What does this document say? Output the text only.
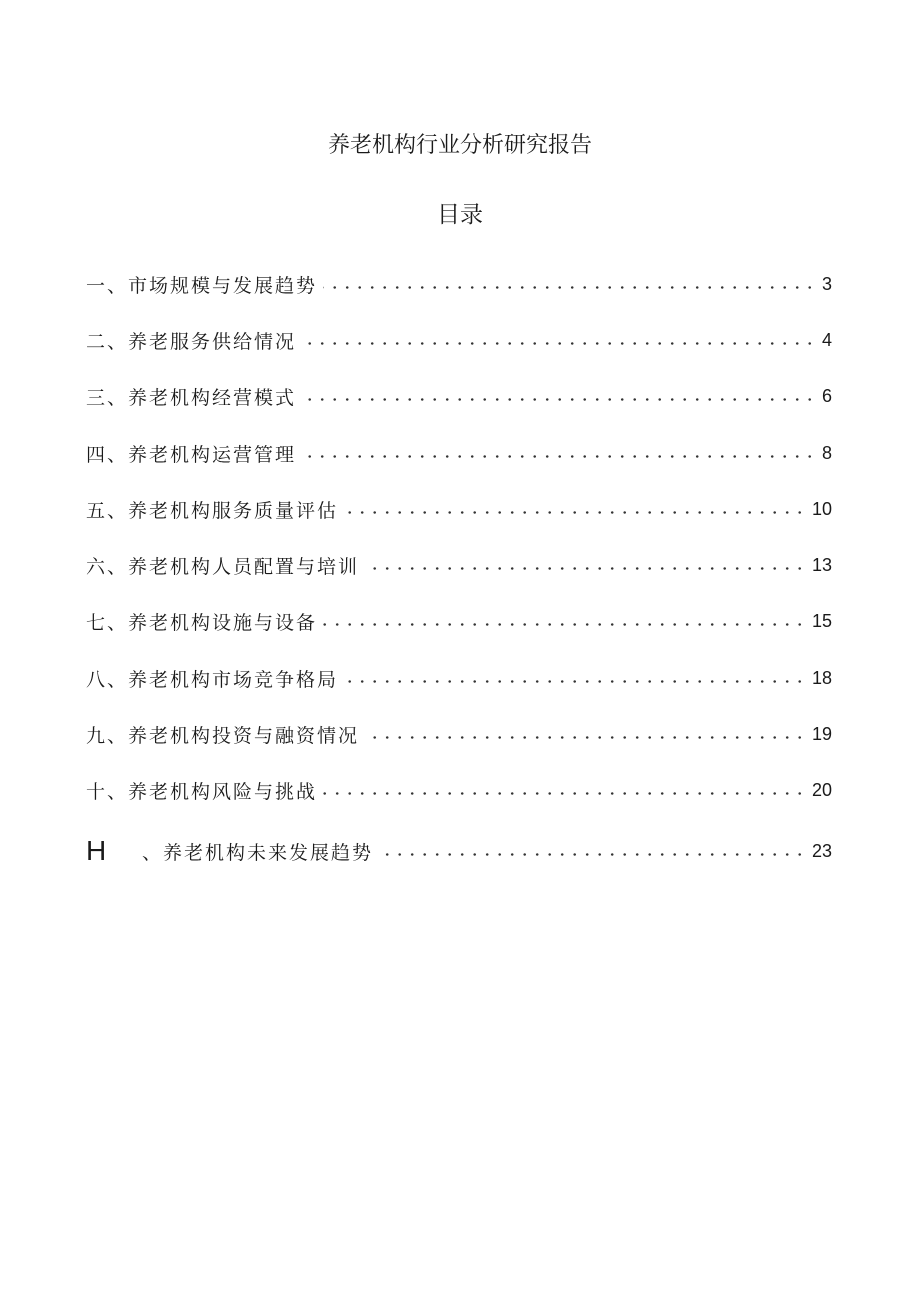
养老机构行业分析研究报告
目录
一、市场规模与发展趋势	3
二、养老服务供给情况	4
三、养老机构经营模式	6
四、养老机构运营管理	8
五、养老机构服务质量评估	10
六、养老机构人员配置与培训	13
七、养老机构设施与设备	15
八、养老机构市场竞争格局	18
九、养老机构投资与融资情况	19
十、养老机构风险与挑战	20
H	、养老机构未来发展趋势	23
